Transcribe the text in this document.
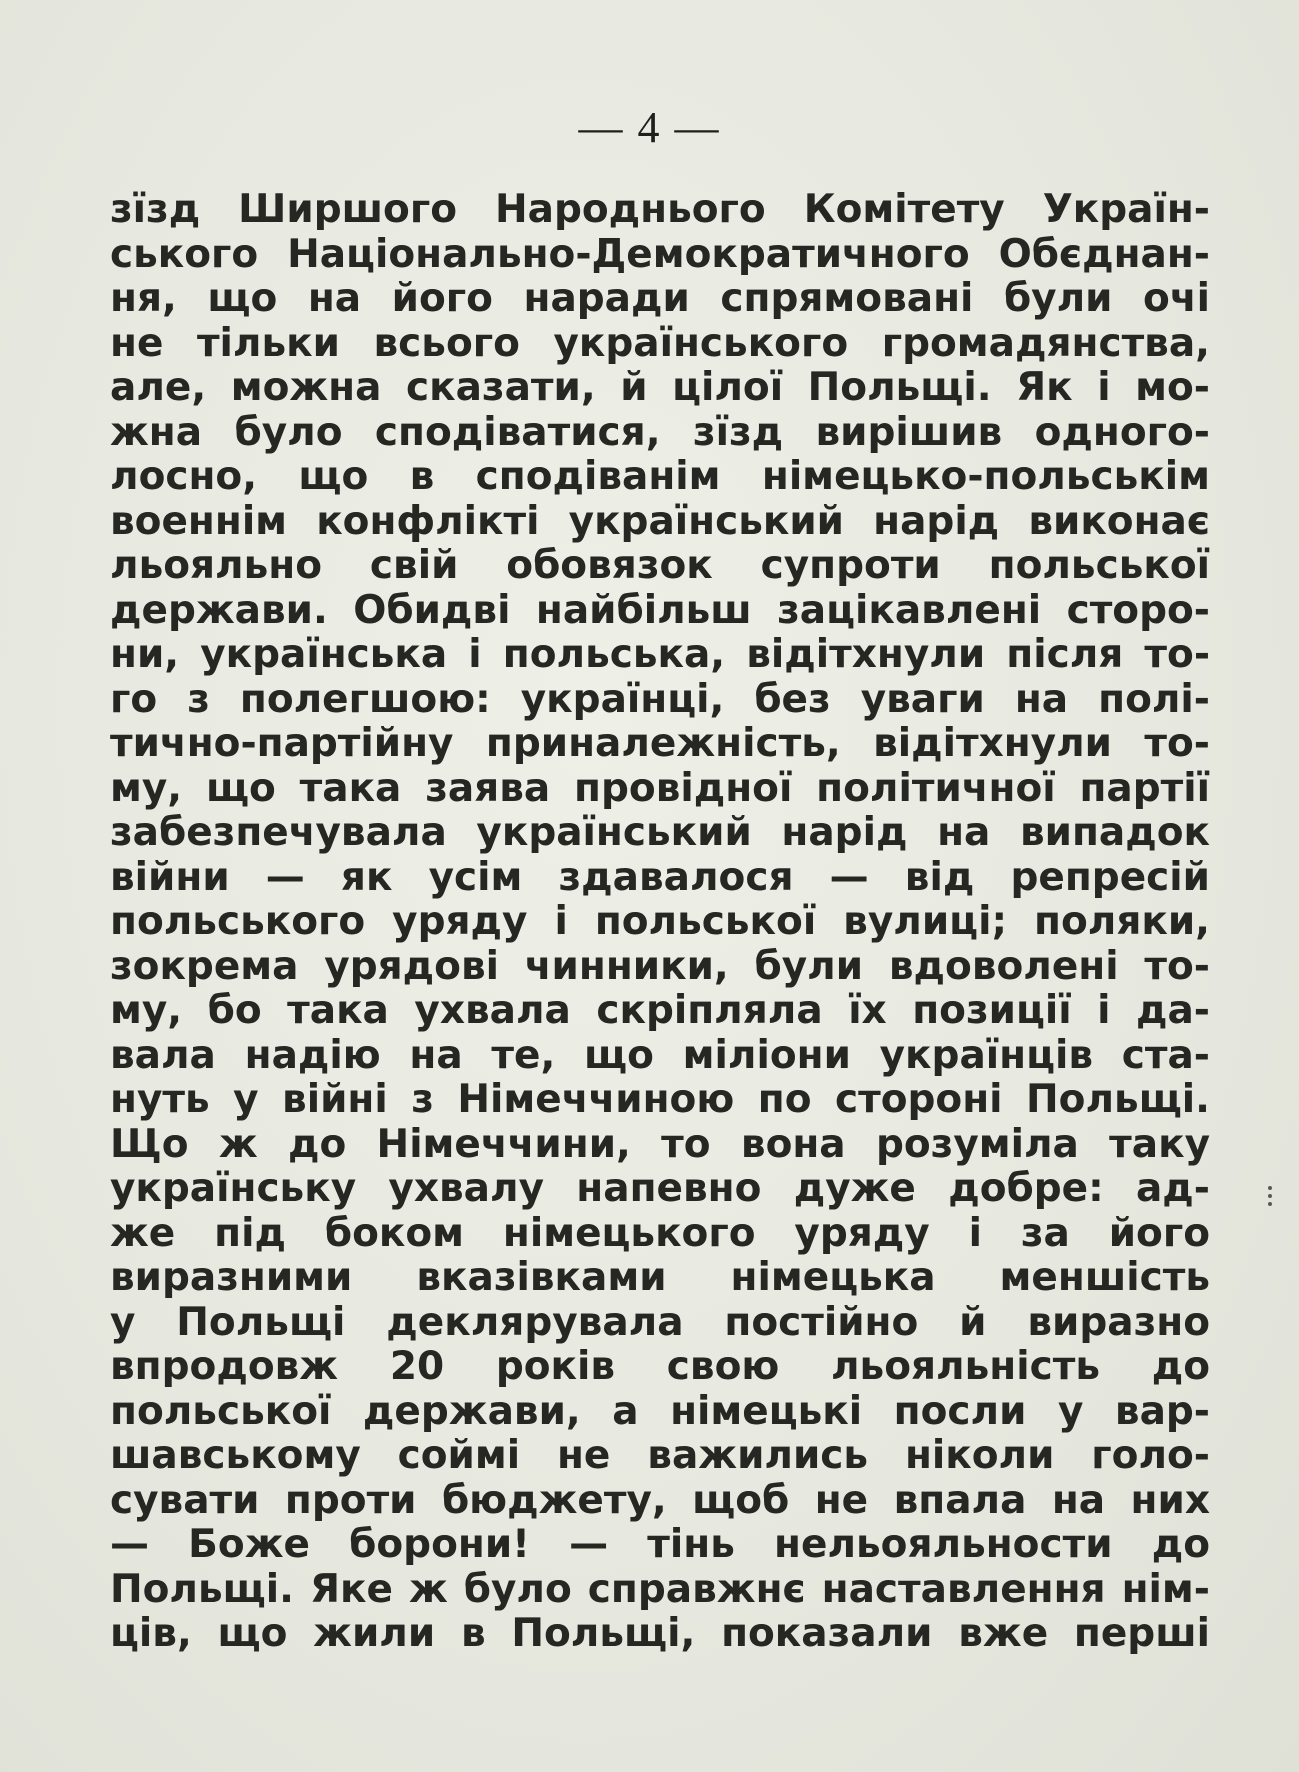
— 4 —
зїзд Ширшого Народнього Комітету Україн-
ського Національно-Демократичного Обєднан-
ня, що на його наради спрямовані були очі
не тільки всього українського громадянства,
але, можна сказати, й цілої Польщі. Як і мо-
жна було сподіватися, зїзд вирішив одного-
лосно, що в сподіванім німецько-польськім
военнім конфлікті український нарід виконає
льояльно свій обовязок супроти польської
держави. Обидві найбільш зацікавлені сторо-
ни, українська і польська, відітхнули після то-
го з полегшою: українці, без уваги на полі-
тично-партійну приналежність, відітхнули то-
му, що така заява провідної політичної партії
забезпечувала український нарід на випадок
війни — як усім здавалося — від репресій
польського уряду і польської вулиці; поляки,
зокрема урядові чинники, були вдоволені то-
му, бо така ухвала скріпляла їх позиції і да-
вала надію на те, що міліони українців ста-
нуть у війні з Німеччиною по стороні Польщі.
Що ж до Німеччини, то вона розуміла таку
українську ухвалу напевно дуже добре: ад-
же під боком німецького уряду і за його
виразними вказівками німецька меншість
у Польщі деклярувала постійно й виразно
впродовж 20 років свою льояльність до
польської держави, а німецькі посли у вар-
шавському соймі не важились ніколи голо-
сувати проти бюджету, щоб не впала на них
— Боже борони! — тінь нельояльности до
Польщі. Яке ж було справжнє наставлення нім-
ців, що жили в Польщі, показали вже перші
